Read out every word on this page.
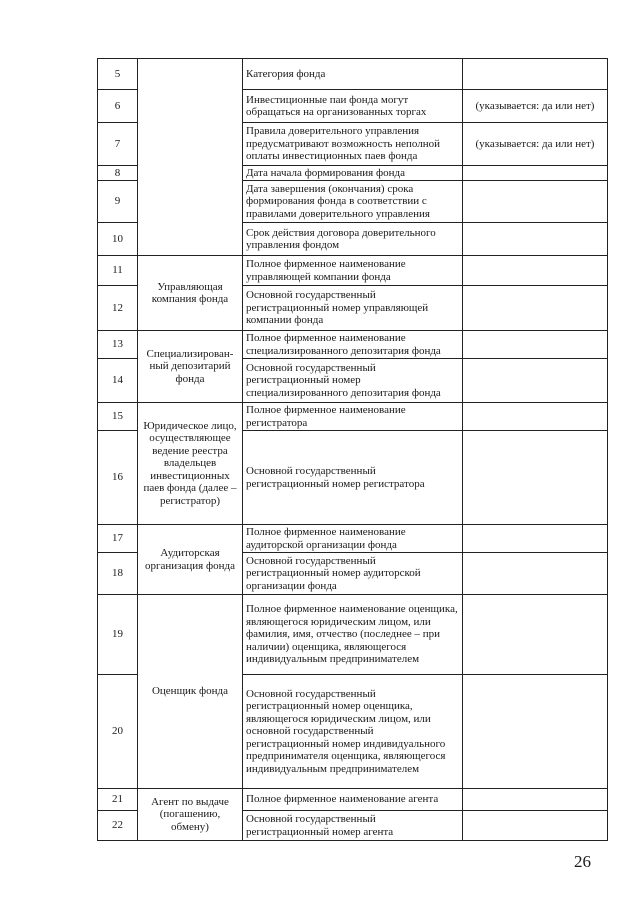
5		Категория фонда	
6		Инвестиционные паи фонда могут обращаться на организованных торгах	(указывается: да или нет)
7		Правила доверительного управления предусматривают возможность неполной оплаты инвестиционных паев фонда	(указывается: да или нет)
8		Дата начала формирования фонда	
9		Дата завершения (окончания) срока формирования фонда в соответствии с правилами доверительного управления	
10		Срок действия договора доверительного управления фондом	
11	Управляющая компания фонда	Полное фирменное наименование управляющей компании фонда	
12		Основной государственный регистрационный номер управляющей компании фонда	
13	Специализирован-ный депозитарий фонда	Полное фирменное наименование специализированного депозитария фонда	
14		Основной государственный регистрационный номер специализированного депозитария фонда	
15	Юридическое лицо, осуществляющее ведение реестра владельцев инвестиционных паев фонда (далее – регистратор)	Полное фирменное наименование регистратора	
16		Основной государственный регистрационный номер регистратора	
17	Аудиторская организация фонда	Полное фирменное наименование аудиторской организации фонда	
18		Основной государственный регистрационный номер аудиторской организации фонда	
19	Оценщик фонда	Полное фирменное наименование оценщика, являющегося юридическим лицом, или фамилия, имя, отчество (последнее – при наличии) оценщика, являющегося индивидуальным предпринимателем	
20		Основной государственный регистрационный номер оценщика, являющегося юридическим лицом, или основной государственный регистрационный номер индивидуального предпринимателя оценщика, являющегося индивидуальным предпринимателем	
21	Агент по выдаче (погашению, обмену)	Полное фирменное наименование агента	
22		Основной государственный регистрационный номер агента	
26
